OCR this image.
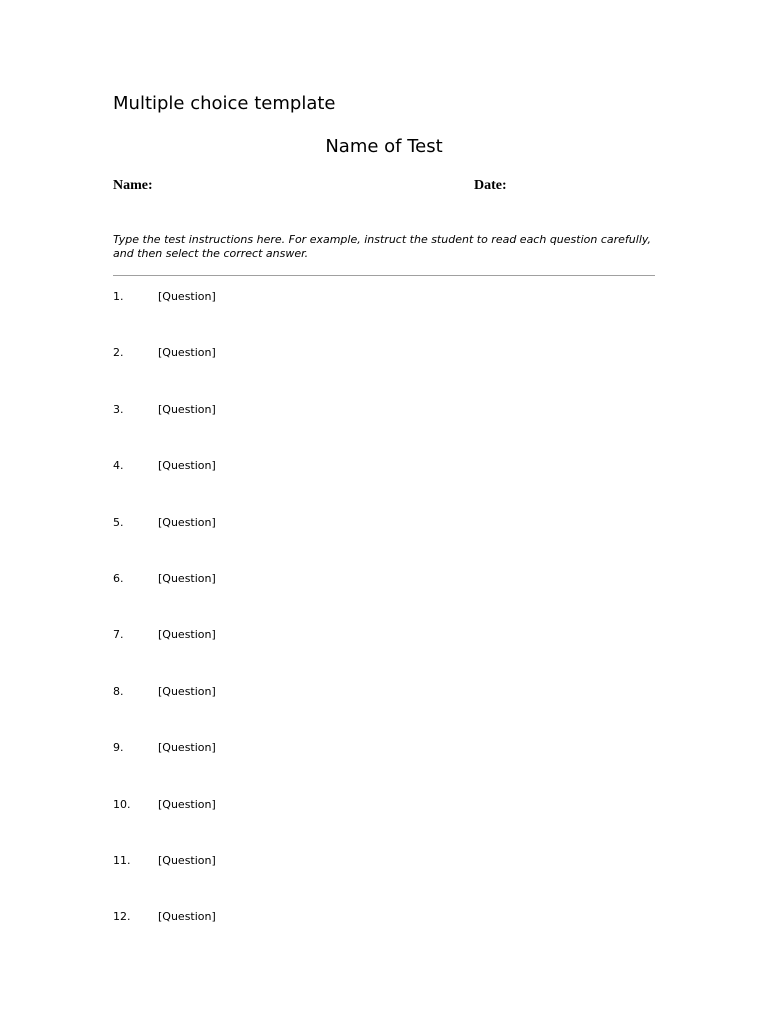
Multiple choice template
Name of Test
Name:	Date:
Type the test instructions here. For example, instruct the student to read each question carefully, and then select the correct answer.
1.	[Question]
2.	[Question]
3.	[Question]
4.	[Question]
5.	[Question]
6.	[Question]
7.	[Question]
8.	[Question]
9.	[Question]
10.	[Question]
11.	[Question]
12.	[Question]
